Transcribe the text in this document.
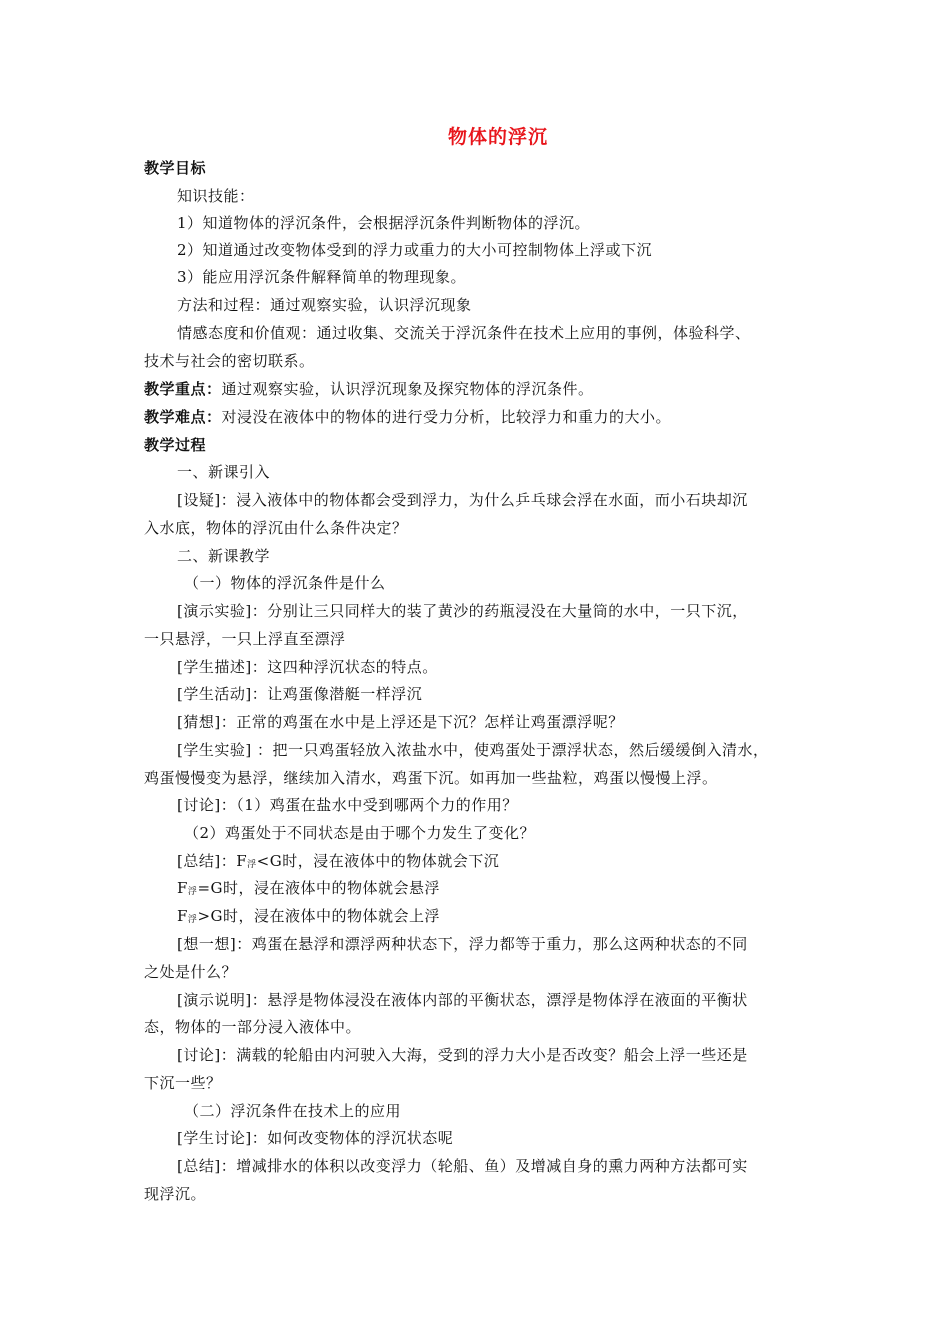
物体的浮沉
教学目标
知识技能：
1）知道物体的浮沉条件，会根据浮沉条件判断物体的浮沉。
2）知道通过改变物体受到的浮力或重力的大小可控制物体上浮或下沉
3）能应用浮沉条件解释简单的物理现象。
方法和过程：通过观察实验，认识浮沉现象
情感态度和价值观：通过收集、交流关于浮沉条件在技术上应用的事例，体验科学、
技术与社会的密切联系。
教学重点：通过观察实验，认识浮沉现象及探究物体的浮沉条件。
教学难点：对浸没在液体中的物体的进行受力分析，比较浮力和重力的大小。
教学过程
一、新课引入
[设疑]：浸入液体中的物体都会受到浮力，为什么乒乓球会浮在水面，而小石块却沉
入水底，物体的浮沉由什么条件决定？
二、新课教学
（一）物体的浮沉条件是什么
[演示实验]：分别让三只同样大的装了黄沙的药瓶浸没在大量筒的水中，一只下沉，
一只悬浮，一只上浮直至漂浮
[学生描述]：这四种浮沉状态的特点。
[学生活动]：让鸡蛋像潜艇一样浮沉
[猜想]：正常的鸡蛋在水中是上浮还是下沉？怎样让鸡蛋漂浮呢？
[学生实验] ：把一只鸡蛋轻放入浓盐水中，使鸡蛋处于漂浮状态，然后缓缓倒入清水，
鸡蛋慢慢变为悬浮，继续加入清水，鸡蛋下沉。如再加一些盐粒，鸡蛋以慢慢上浮。
[讨论]：（1）鸡蛋在盐水中受到哪两个力的作用？
（2）鸡蛋处于不同状态是由于哪个力发生了变化？
[总结]：F浮<G时，浸在液体中的物体就会下沉
F浮=G时，浸在液体中的物体就会悬浮
F浮>G时，浸在液体中的物体就会上浮
[想一想]：鸡蛋在悬浮和漂浮两种状态下，浮力都等于重力，那么这两种状态的不同
之处是什么？
[演示说明]：悬浮是物体浸没在液体内部的平衡状态，漂浮是物体浮在液面的平衡状
态，物体的一部分浸入液体中。
[讨论]：满载的轮船由内河驶入大海，受到的浮力大小是否改变？船会上浮一些还是
下沉一些？
（二）浮沉条件在技术上的应用
[学生讨论]：如何改变物体的浮沉状态呢
[总结]：增减排水的体积以改变浮力（轮船、鱼）及增减自身的熏力两种方法都可实
现浮沉。
